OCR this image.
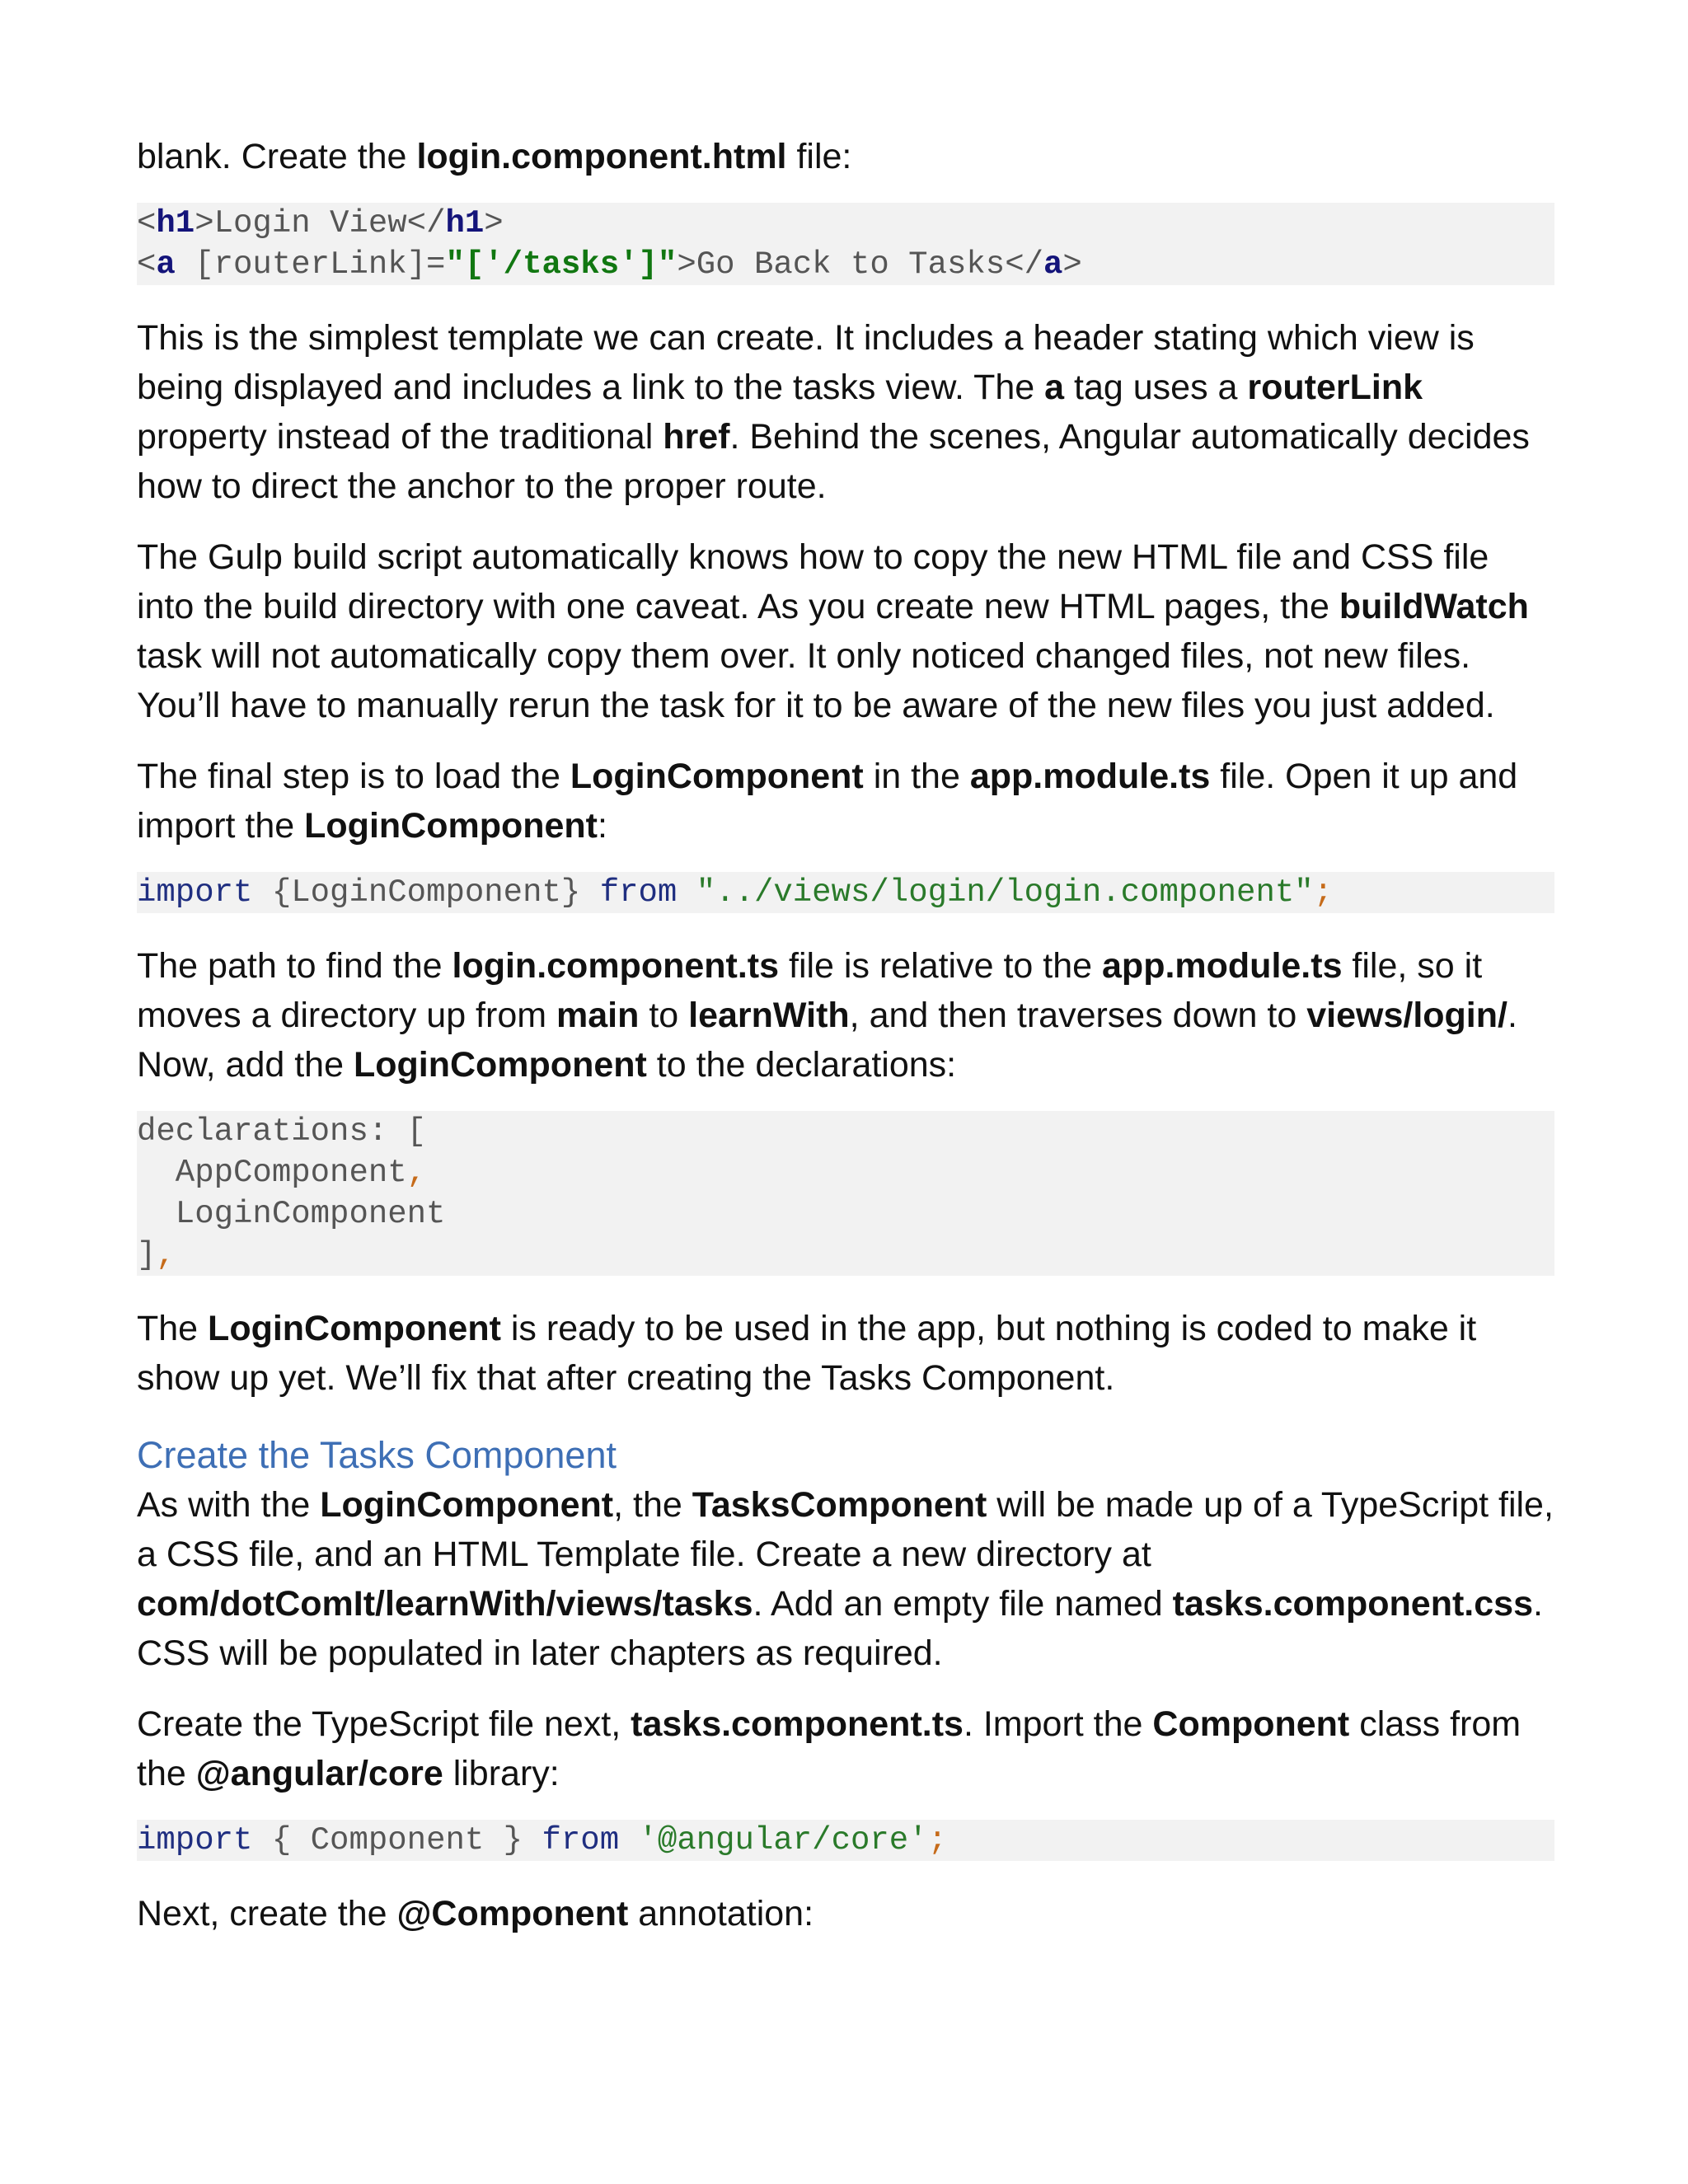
blank. Create the login.component.html file:

<h1>Login View</h1>
<a [routerLink]="['/tasks']">Go Back to Tasks</a>

This is the simplest template we can create. It includes a header stating which view is being displayed and includes a link to the tasks view. The a tag uses a routerLink property instead of the traditional href. Behind the scenes, Angular automatically decides how to direct the anchor to the proper route.

The Gulp build script automatically knows how to copy the new HTML file and CSS file into the build directory with one caveat. As you create new HTML pages, the buildWatch task will not automatically copy them over. It only noticed changed files, not new files. You’ll have to manually rerun the task for it to be aware of the new files you just added.

The final step is to load the LoginComponent in the app.module.ts file. Open it up and import the LoginComponent:

import {LoginComponent} from "../views/login/login.component";

The path to find the login.component.ts file is relative to the app.module.ts file, so it moves a directory up from main to learnWith, and then traverses down to views/login/. Now, add the LoginComponent to the declarations:

declarations: [
AppComponent,
LoginComponent
],

The LoginComponent is ready to be used in the app, but nothing is coded to make it show up yet. We’ll fix that after creating the Tasks Component.

Create the Tasks Component

As with the LoginComponent, the TasksComponent will be made up of a TypeScript file, a CSS file, and an HTML Template file. Create a new directory at com/dotComIt/learnWith/views/tasks. Add an empty file named tasks.component.css. CSS will be populated in later chapters as required.

Create the TypeScript file next, tasks.component.ts. Import the Component class from the @angular/core library:

import { Component } from '@angular/core';

Next, create the @Component annotation:
